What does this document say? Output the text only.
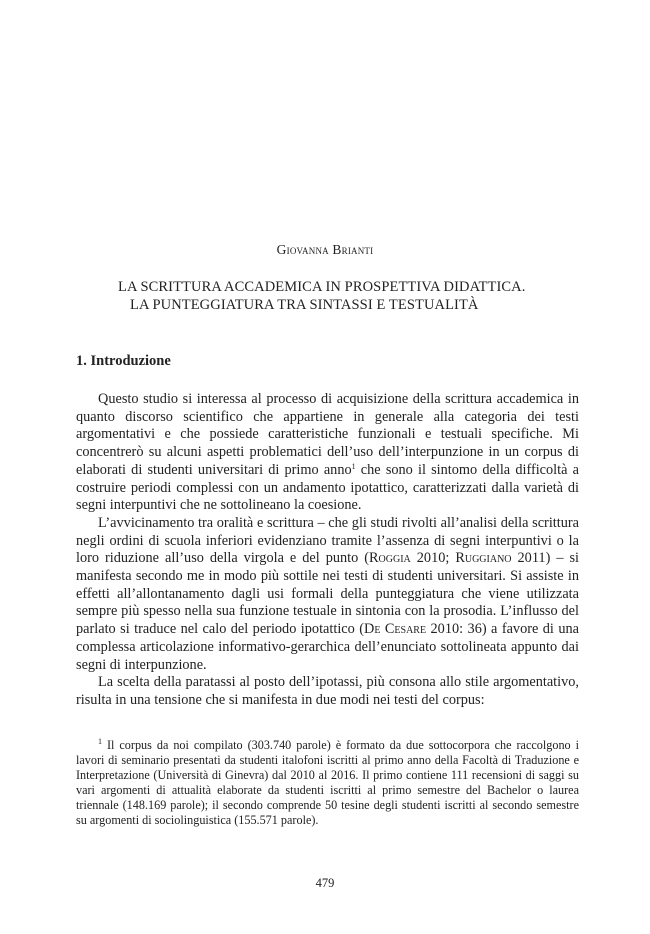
Giovanna Brianti
LA SCRITTURA ACCADEMICA IN PROSPETTIVA DIDATTICA.
LA PUNTEGGIATURA TRA SINTASSI E TESTUALITÀ
1. Introduzione

Questo studio si interessa al processo di acquisizione della scrittura accademica in quanto discorso scientifico che appartiene in generale alla categoria dei testi argomentativi e che possiede caratteristiche funzionali e testuali specifiche. Mi concentrerò su alcuni aspetti problematici dell’uso dell’interpunzione in un corpus di elaborati di studenti universitari di primo anno$^1$ che sono il sintomo della difficoltà a costruire periodi complessi con un andamento ipotattico, caratterizzati dalla varietà di segni interpuntivi che ne sottolineano la coesione.

L’avvicinamento tra oralità e scrittura – che gli studi rivolti all’analisi della scrittura negli ordini di scuola inferiori evidenziano tramite l’assenza di segni interpuntivi o la loro riduzione all’uso della virgola e del punto (Roggia 2010; Ruggiano 2011) – si manifesta secondo me in modo più sottile nei testi di studenti universitari. Si assiste in effetti all’allontanamento dagli usi formali della punteggiatura che viene utilizzata sempre più spesso nella sua funzione testuale in sintonia con la prosodia. L’influsso del parlato si traduce nel calo del periodo ipotattico (De Cesare 2010: 36) a favore di una complessa articolazione informativo-gerarchica dell’enunciato sottolineata appunto dai segni di interpunzione.

La scelta della paratassi al posto dell’ipotassi, più consona allo stile argomentativo, risulta in una tensione che si manifesta in due modi nei testi del corpus:

$^1$ Il corpus da noi compilato (303.740 parole) è formato da due sottocorpora che raccolgono i lavori di seminario presentati da studenti italofoni iscritti al primo anno della Facoltà di Traduzione e Interpretazione (Università di Ginevra) dal 2010 al 2016. Il primo contiene 111 recensioni di saggi su vari argomenti di attualità elaborate da studenti iscritti al primo semestre del Bachelor o laurea triennale (148.169 parole); il secondo comprende 50 tesine degli studenti iscritti al secondo semestre su argomenti di sociolinguistica (155.571 parole).

479
